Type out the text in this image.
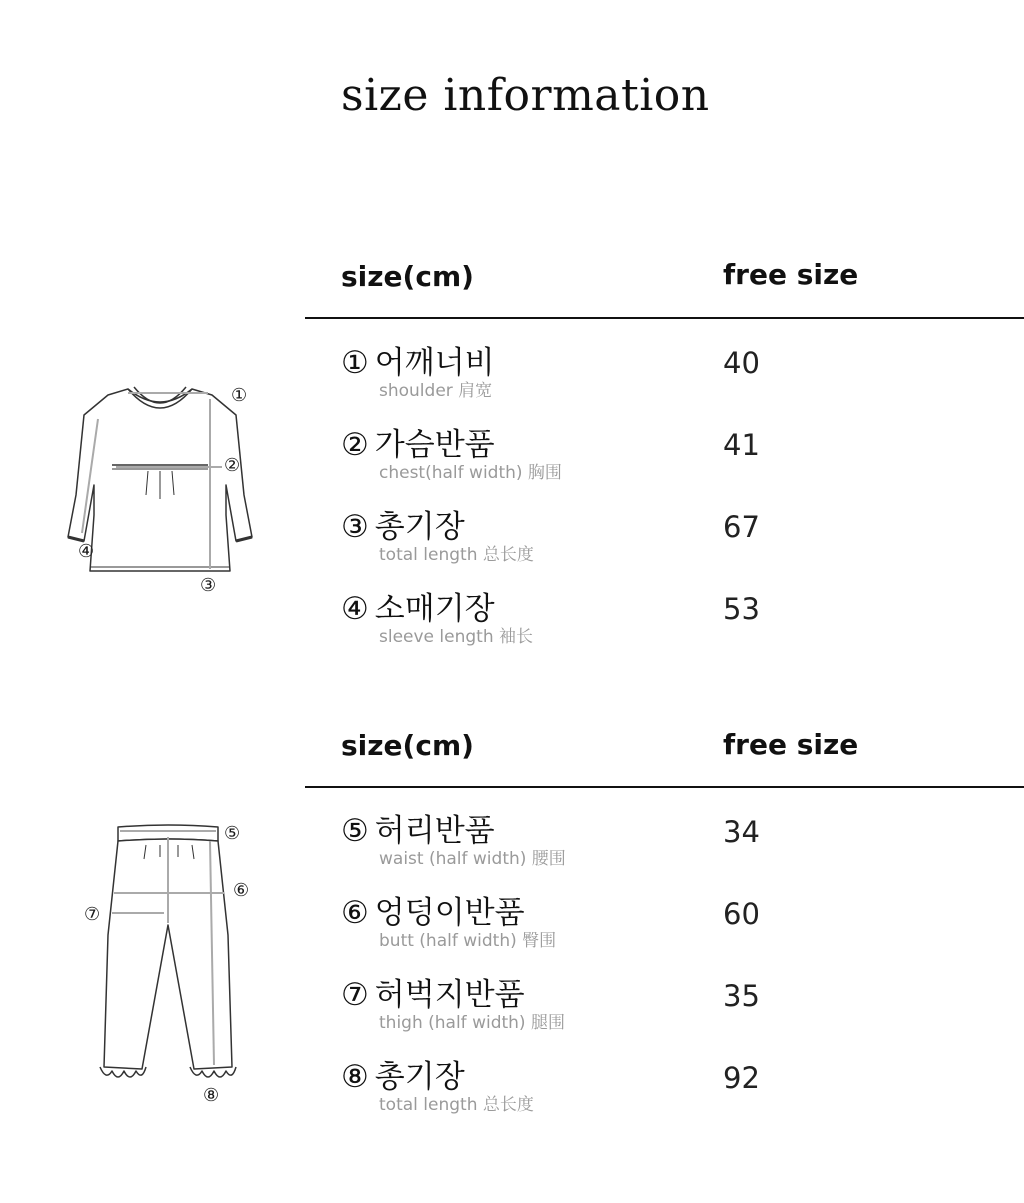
size information
size(cm)	free size
① 어깨너비
shoulder 肩宽
40
② 가슴반품
chest(half width) 胸围
41
③ 총기장
total length 总长度
67
④ 소매기장
sleeve length 袖长
53
①
②
③
④
size(cm)	free size
⑤ 허리반품
waist (half width) 腰围
34
⑥ 엉덩이반품
butt (half width) 臀围
60
⑦ 허벅지반품
thigh (half width) 腿围
35
⑧ 총기장
total length 总长度
92
⑤
⑥
⑦
⑧
